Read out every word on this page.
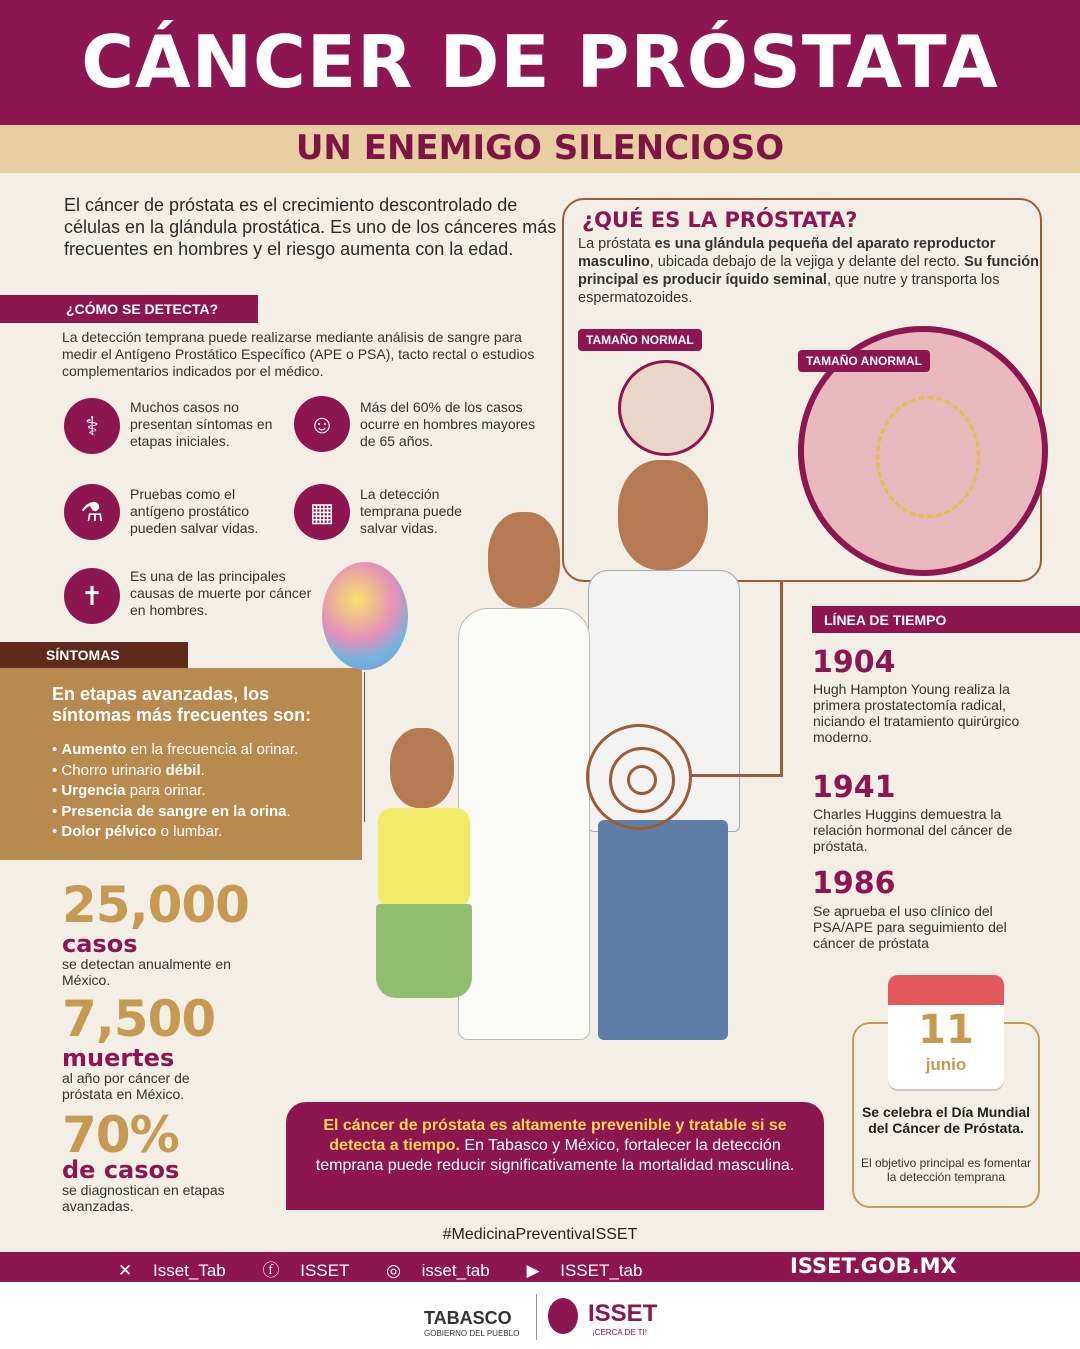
CÁNCER DE PRÓSTATA
UN ENEMIGO SILENCIOSO
El cáncer de próstata es el crecimiento descontrolado de células en la glándula prostática. Es uno de los cánceres más frecuentes en hombres y el riesgo aumenta con la edad.
¿CÓMO SE DETECTA?
La detección temprana puede realizarse mediante análisis de sangre para medir el Antígeno Prostático Específico (APE o PSA), tacto rectal o estudios complementarios indicados por el médico.
⚕
Muchos casos no presentan síntomas en etapas iniciales.
☺
Más del 60% de los casos ocurre en hombres mayores de 65 años.
⚗
Pruebas como el antígeno prostático pueden salvar vidas.
▦
La detección temprana puede salvar vidas.
✝
Es una de las principales causas de muerte por cáncer en hombres.
SÍNTOMAS
En etapas avanzadas, los síntomas más frecuentes son:
• Aumento en la frecuencia al orinar.
• Chorro urinario débil.
• Urgencia para orinar.
• Presencia de sangre en la orina.
• Dolor pélvico o lumbar.
25,000
casos
se detectan anualmente en México.
7,500
muertes
al año por cáncer de próstata en México.
70%
de casos
se diagnostican en etapas avanzadas.
¿QUÉ ES LA PRÓSTATA?
La próstata es una glándula pequeña del aparato reproductor masculino, ubicada debajo de la vejiga y delante del recto. Su función principal es producir íquido seminal, que nutre y transporta los espermatozoides.
TAMAÑO NORMAL
TAMAÑO ANORMAL
LÍNEA DE TIEMPO
1904
Hugh Hampton Young realiza la primera prostatectomía radical, niciando el tratamiento quirúrgico moderno.
1941
Charles Huggins demuestra la relación hormonal del cáncer de próstata.
1986
Se aprueba el uso clínico del PSA/APE para seguimiento del cáncer de próstata
11
junio
Se celebra el Día Mundial del Cáncer de Próstata.
El objetivo principal es fomentar la detección temprana
El cáncer de próstata es altamente prevenible y tratable si se detecta a tiempo. En Tabasco y México, fortalecer la detección temprana puede reducir significativamente la mortalidad masculina.
#MedicinaPreventivaISSET
✕ Isset_Tab ⓕ ISSET ◎ isset_tab ▶ ISSET_tab	ISSET.GOB.MX
TABASCO
GOBIERNO DEL PUEBLO
ISSET
¡CERCA DE TI!
